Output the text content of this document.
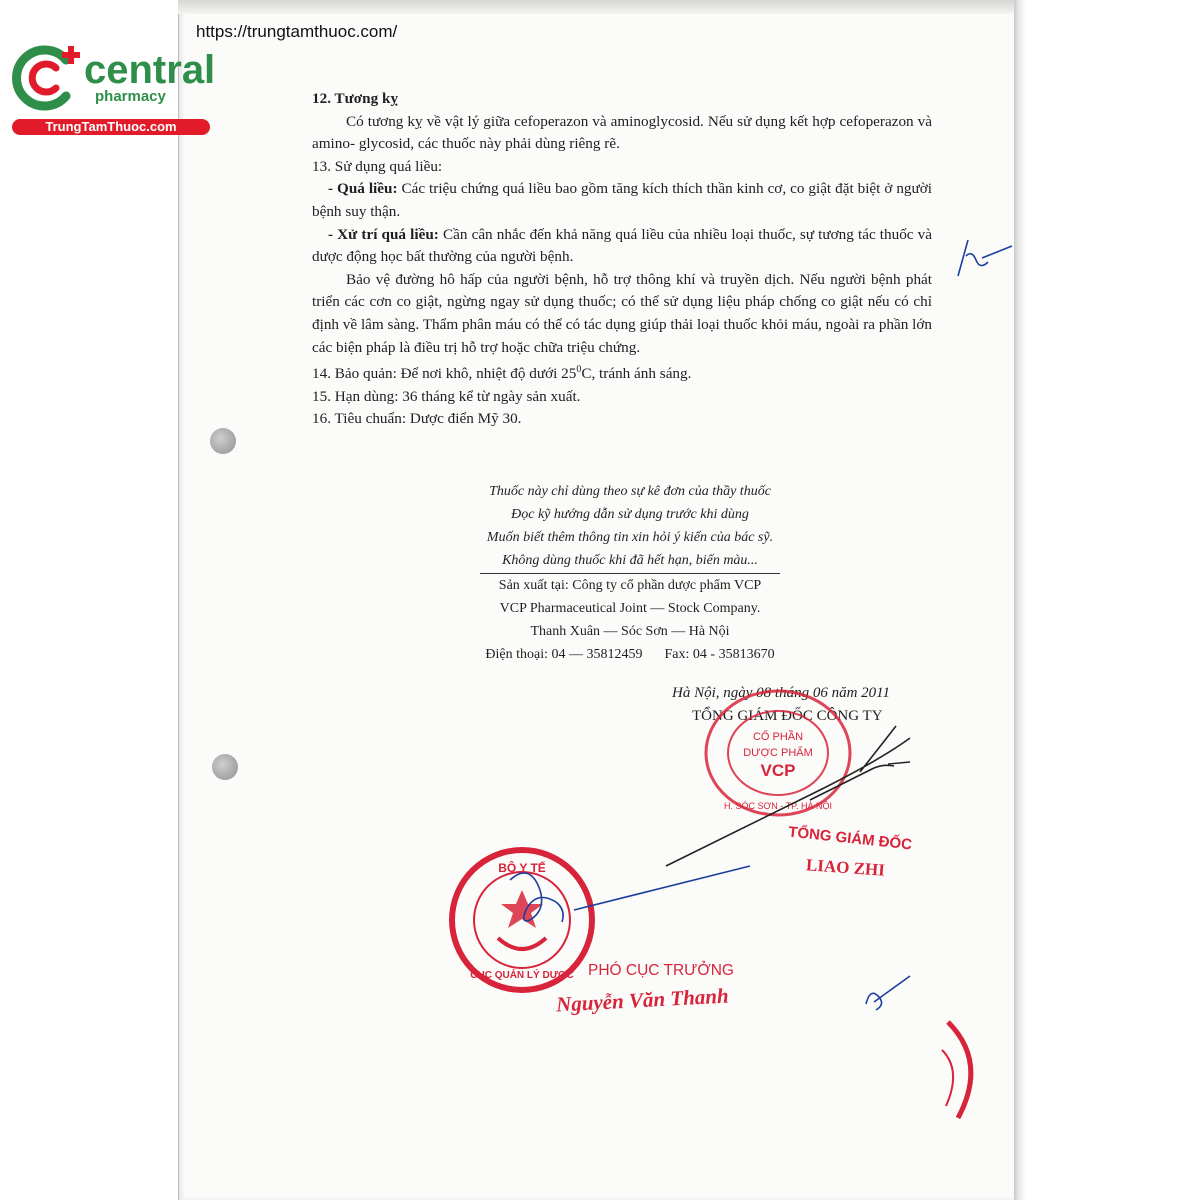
https://trungtamthuoc.com/
central
pharmacy
TrungTamThuoc.com

12. Tương kỵ

Có tương kỵ về vật lý giữa cefoperazon và aminoglycosid. Nếu sử dụng kết hợp cefoperazon và amino- glycosid, các thuốc này phải dùng riêng rẽ.

13. Sử dụng quá liều:

- Quá liều: Các triệu chứng quá liều bao gồm tăng kích thích thần kinh cơ, co giật đặt biệt ở người bệnh suy thận.

- Xử trí quá liều: Cần cân nhắc đến khả năng quá liều của nhiều loại thuốc, sự tương tác thuốc và dược động học bất thường của người bệnh.

Bảo vệ đường hô hấp của người bệnh, hỗ trợ thông khí và truyền dịch. Nếu người bệnh phát triển các cơn co giật, ngừng ngay sử dụng thuốc; có thể sử dụng liệu pháp chống co giật nếu có chỉ định về lâm sàng. Thẩm phân máu có thể có tác dụng giúp thải loại thuốc khỏi máu, ngoài ra phần lớn các biện pháp là điều trị hỗ trợ hoặc chữa triệu chứng.

14. Bảo quản: Để nơi khô, nhiệt độ dưới $25^0C$, tránh ánh sáng.

15. Hạn dùng: 36 tháng kể từ ngày sản xuất.

16. Tiêu chuẩn: Dược điển Mỹ 30.

Thuốc này chỉ dùng theo sự kê đơn của thầy thuốc
Đọc kỹ hướng dẫn sử dụng trước khi dùng
Muốn biết thêm thông tin xin hỏi ý kiến của bác sỹ.
Không dùng thuốc khi đã hết hạn, biến màu...
Sản xuất tại: Công ty cổ phần dược phẩm VCP
VCP Pharmaceutical Joint — Stock Company.
Thanh Xuân — Sóc Sơn — Hà Nội
Điện thoại: 04 — 35812459 Fax: 04 - 35813670
Hà Nội, ngày 08 tháng 06 năm 2011
TỔNG GIÁM ĐỐC CÔNG TY
CỔ PHẦN
DƯỢC PHẨM
VCP
H. SÓC SƠN - TP. HÀ NỘI
BỘ Y TẾ
CỤC QUẢN LÝ DƯỢC
TỔNG GIÁM ĐỐC
LIAO ZHI
PHÓ CỤC TRƯỞNG
Nguyễn Văn Thanh
